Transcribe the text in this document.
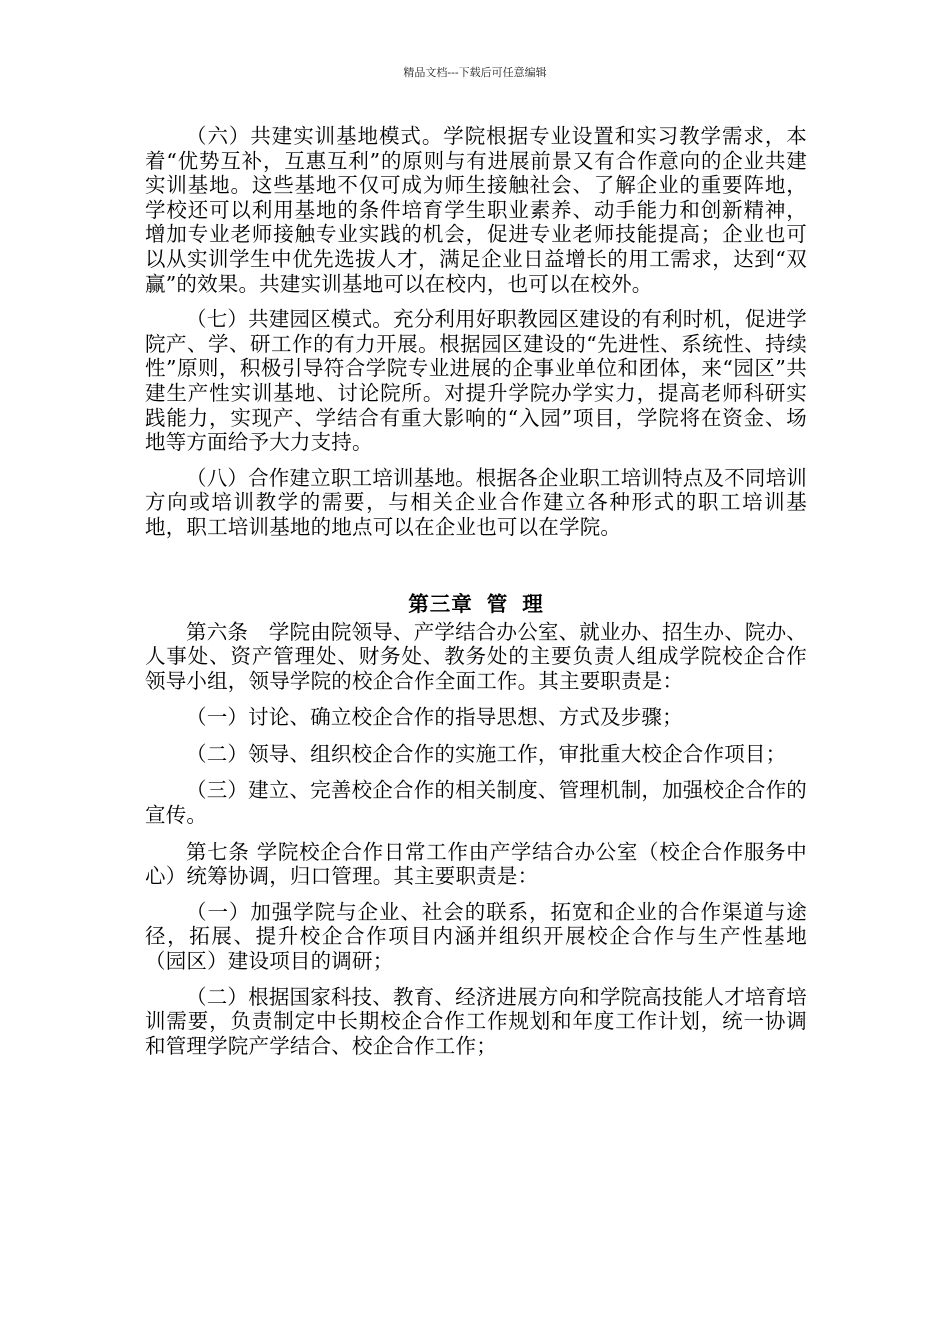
精品文档---下载后可任意编辑

（六）共建实训基地模式。学院根据专业设置和实习教学需求，本着“优势互补，互惠互利”的原则与有进展前景又有合作意向的企业共建实训基地。这些基地不仅可成为师生接触社会、了解企业的重要阵地，学校还可以利用基地的条件培育学生职业素养、动手能力和创新精神，增加专业老师接触专业实践的机会，促进专业老师技能提高；企业也可以从实训学生中优先选拔人才，满足企业日益增长的用工需求，达到“双赢”的效果。共建实训基地可以在校内，也可以在校外。

（七）共建园区模式。充分利用好职教园区建设的有利时机，促进学院产、学、研工作的有力开展。根据园区建设的“先进性、系统性、持续性”原则，积极引导符合学院专业进展的企事业单位和团体，来“园区”共建生产性实训基地、讨论院所。对提升学院办学实力，提高老师科研实践能力，实现产、学结合有重大影响的“入园”项目，学院将在资金、场地等方面给予大力支持。

（八）合作建立职工培训基地。根据各企业职工培训特点及不同培训方向或培训教学的需要，与相关企业合作建立各种形式的职工培训基地，职工培训基地的地点可以在企业也可以在学院。

第三章 管 理

第六条　学院由院领导、产学结合办公室、就业办、招生办、院办、人事处、资产管理处、财务处、教务处的主要负责人组成学院校企合作领导小组，领导学院的校企合作全面工作。其主要职责是：

（一）讨论、确立校企合作的指导思想、方式及步骤；

（二）领导、组织校企合作的实施工作，审批重大校企合作项目；

（三）建立、完善校企合作的相关制度、管理机制，加强校企合作的宣传。

第七条 学院校企合作日常工作由产学结合办公室（校企合作服务中心）统筹协调，归口管理。其主要职责是：

（一）加强学院与企业、社会的联系，拓宽和企业的合作渠道与途径，拓展、提升校企合作项目内涵并组织开展校企合作与生产性基地（园区）建设项目的调研；

（二）根据国家科技、教育、经济进展方向和学院高技能人才培育培训需要，负责制定中长期校企合作工作规划和年度工作计划，统一协调和管理学院产学结合、校企合作工作；
